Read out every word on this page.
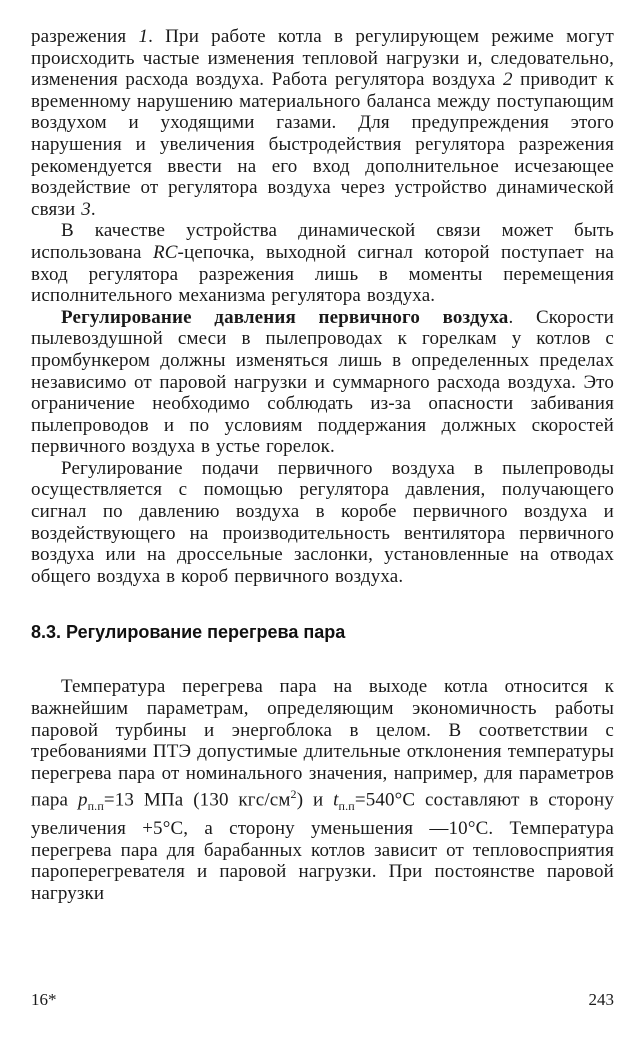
разрежения 1. При работе котла в регулирующем режиме могут происходить частые изменения тепловой нагрузки и, следовательно, изменения расхода воздуха. Работа регулятора воздуха 2 приводит к временному нарушению материального баланса между поступающим воздухом и уходящими газами. Для предупреждения этого нарушения и увеличения быстродействия регулятора разрежения рекомендуется ввести на его вход дополнительное исчезающее воздействие от регулятора воздуха через устройство динамической связи 3.

В качестве устройства динамической связи может быть использована RC-цепочка, выходной сигнал которой поступает на вход регулятора разрежения лишь в моменты перемещения исполнительного механизма регулятора воздуха.

Регулирование давления первичного воздуха. Скорости пылевоздушной смеси в пылепроводах к горелкам у котлов с промбункером должны изменяться лишь в определенных пределах независимо от паровой нагрузки и суммарного расхода воздуха. Это ограничение необходимо соблюдать из-за опасности забивания пылепроводов и по условиям поддержания должных скоростей первичного воздуха в устье горелок.

Регулирование подачи первичного воздуха в пылепроводы осуществляется с помощью регулятора давления, получающего сигнал по давлению воздуха в коробе первичного воздуха и воздействующего на производительность вентилятора первичного воздуха или на дроссельные заслонки, установленные на отводах общего воздуха в короб первичного воздуха.

8.3. Регулирование перегрева пара

Температура перегрева пара на выходе котла относится к важнейшим параметрам, определяющим экономичность работы паровой турбины и энергоблока в целом. В соответствии с требованиями ПТЭ допустимые длительные отклонения температуры перегрева пара от номинального значения, например, для параметров пара $p_{п.п}=13$ МПа (130 кгс/$см^2$) и $t_{п.п}=540^\circ С$ составляют в сторону увеличения +5°С, а сторону уменьшения —10°С. Температура перегрева пара для барабанных котлов зависит от тепловосприятия пароперегревателя и паровой нагрузки. При постоянстве паровой нагрузки

16*	243
